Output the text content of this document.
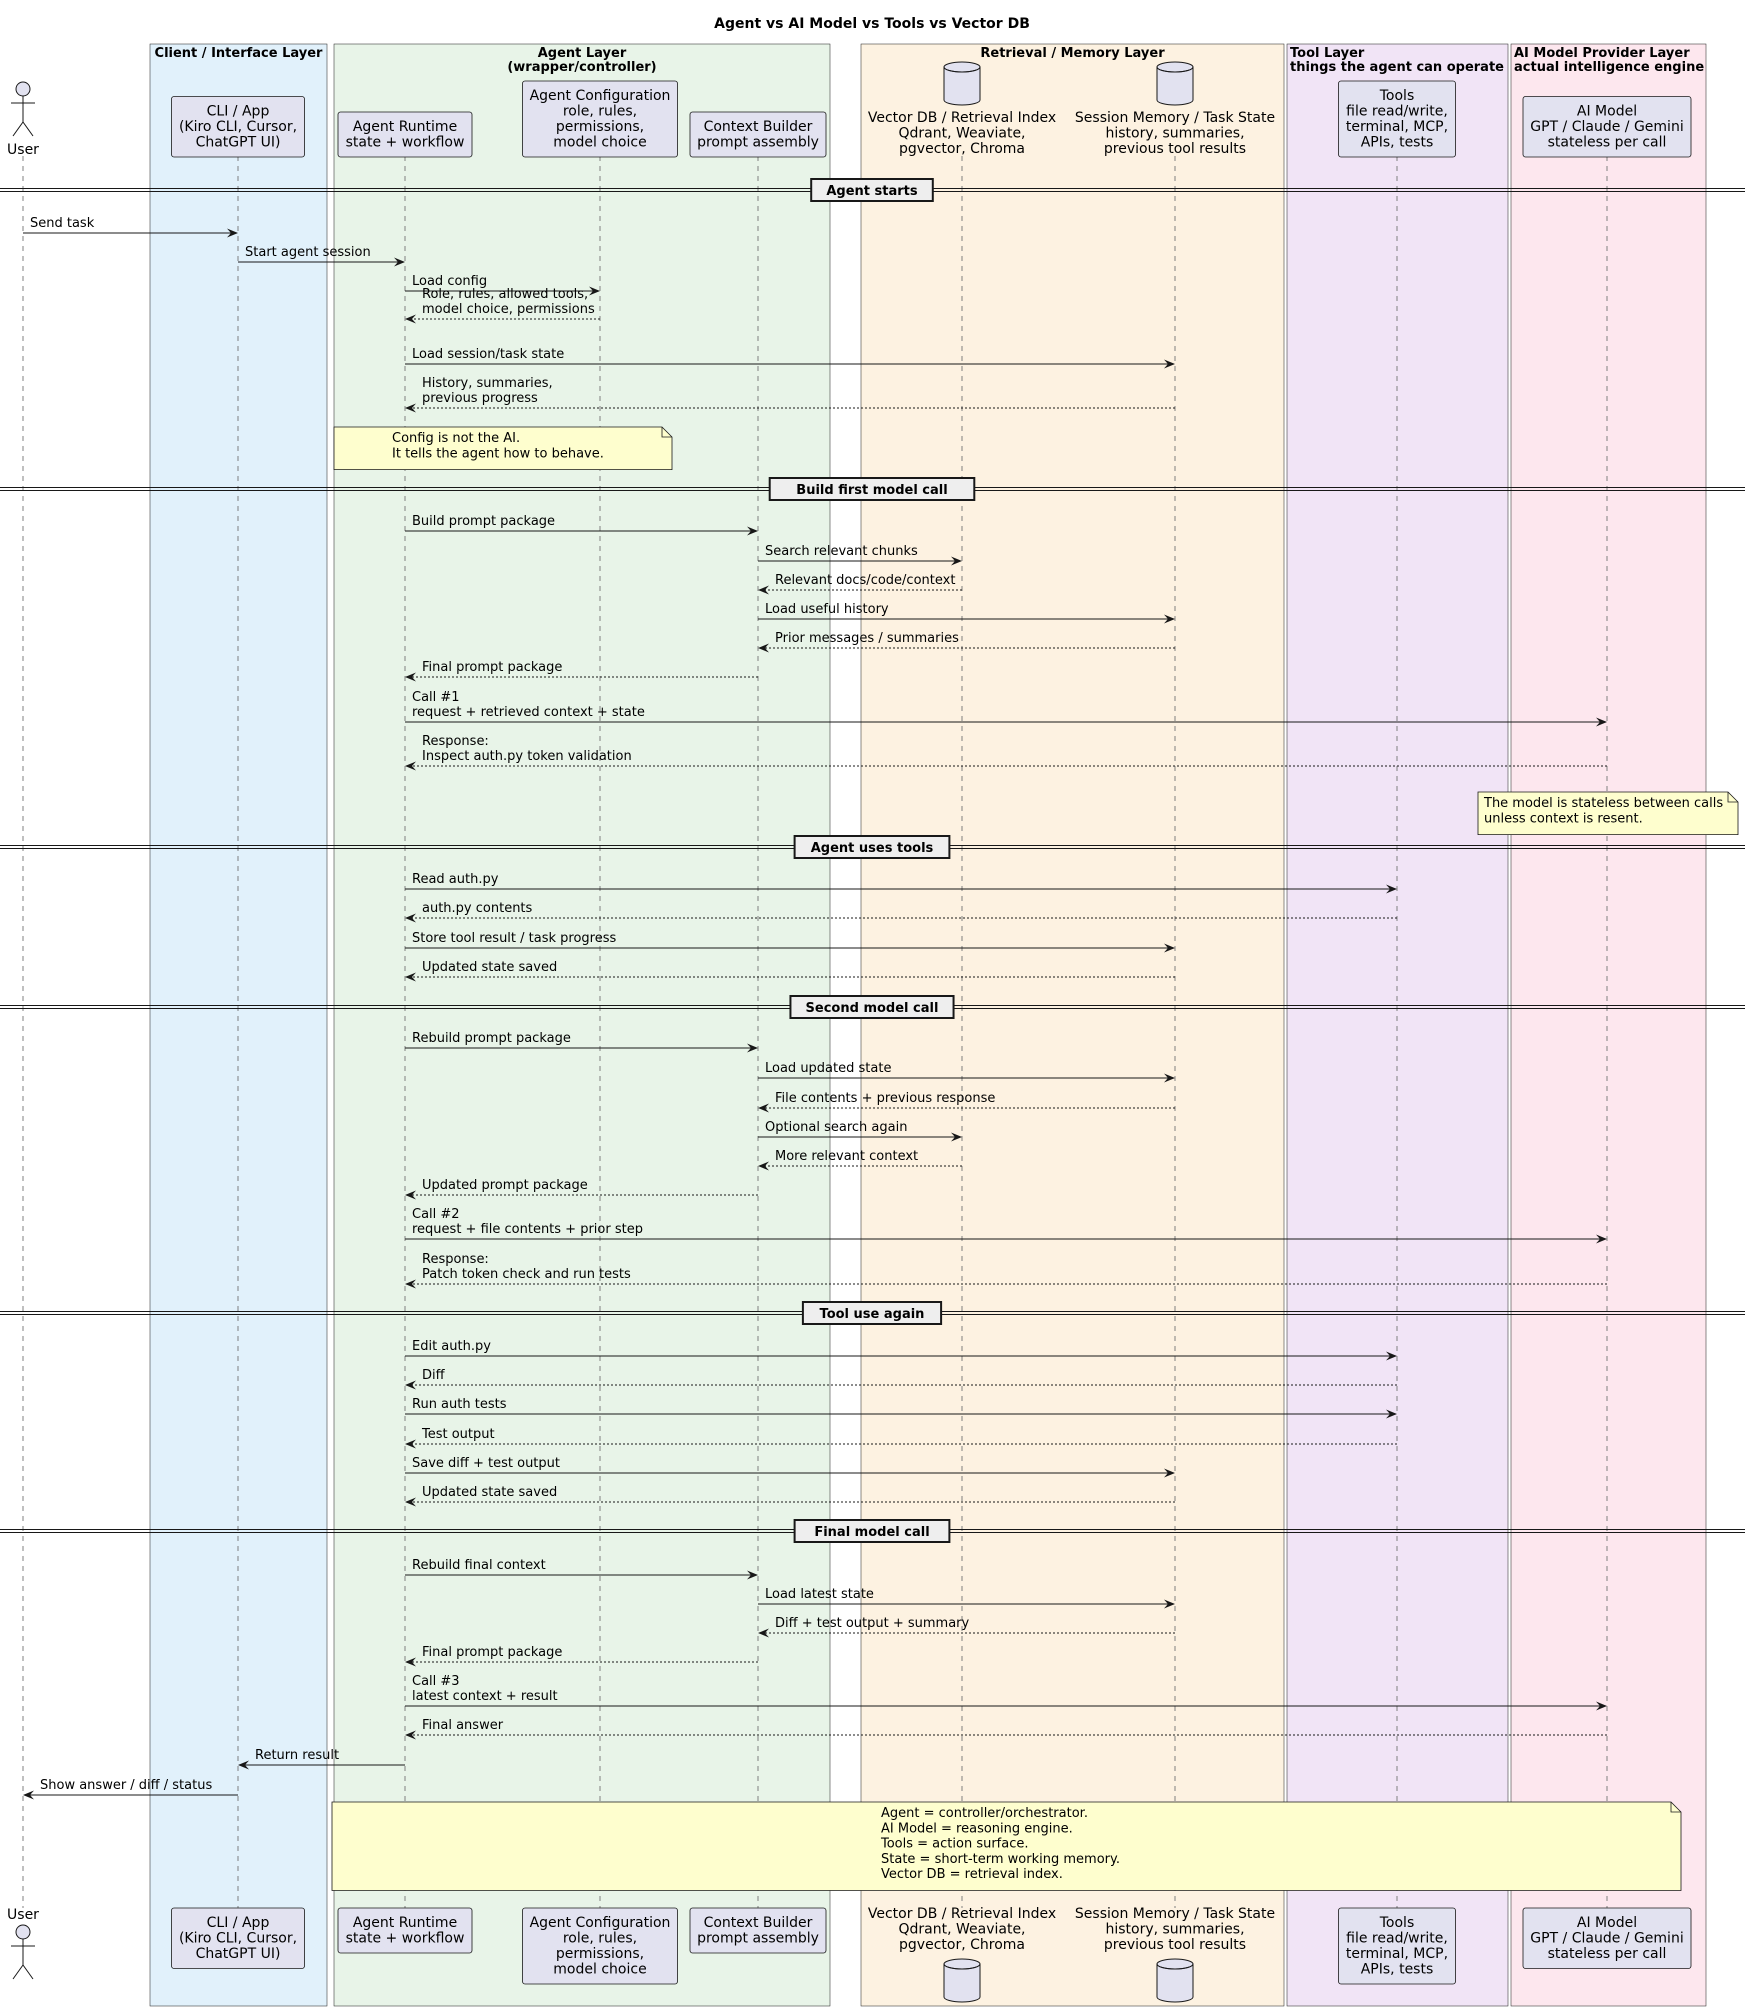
Agent vs AI Model vs Tools vs Vector DB
Client / Interface Layer	Agent Layer
(wrapper/controller)
Retrieval / Memory Layer	Tool Layer
things the agent can operate
AI Model Provider Layer
actual intelligence engine
User
User
CLI / App
(Kiro CLI, Cursor,
ChatGPT UI)
CLI / App
(Kiro CLI, Cursor,
ChatGPT UI)
Agent Runtime
state + workflow
Agent Runtime
state + workflow
Agent Configuration
role, rules,
permissions,
model choice
Agent Configuration
role, rules,
permissions,
model choice
Context Builder
prompt assembly
Context Builder
prompt assembly
Vector DB / Retrieval Index
Qdrant, Weaviate,
pgvector, Chroma
Vector DB / Retrieval Index
Qdrant, Weaviate,
pgvector, Chroma
Session Memory / Task State
history, summaries,
previous tool results
Session Memory / Task State
history, summaries,
previous tool results
Tools
file read/write,
terminal, MCP,
APIs, tests
Tools
file read/write,
terminal, MCP,
APIs, tests
AI Model
GPT / Claude / Gemini
stateless per call
AI Model
GPT / Claude / Gemini
stateless per call
Agent starts
Send task
Start agent session
Load config
Role, rules, allowed tools,
model choice, permissions
Load session/task state
History, summaries,
previous progress
Config is not the AI.
It tells the agent how to behave.
Build first model call
Build prompt package
Search relevant chunks
Relevant docs/code/context
Load useful history
Prior messages / summaries
Final prompt package
Call #1
request + retrieved context + state
Response:
Inspect auth.py token validation
The model is stateless between calls
unless context is resent.
Agent uses tools
Read auth.py
auth.py contents
Store tool result / task progress
Updated state saved
Second model call
Rebuild prompt package
Load updated state
File contents + previous response
Optional search again
More relevant context
Updated prompt package
Call #2
request + file contents + prior step
Response:
Patch token check and run tests
Tool use again
Edit auth.py
Diff
Run auth tests
Test output
Save diff + test output
Updated state saved
Final model call
Rebuild final context
Load latest state
Diff + test output + summary
Final prompt package
Call #3
latest context + result
Final answer
Return result
Show answer / diff / status
Agent = controller/orchestrator.
AI Model = reasoning engine.
Tools = action surface.
State = short-term working memory.
Vector DB = retrieval index.
